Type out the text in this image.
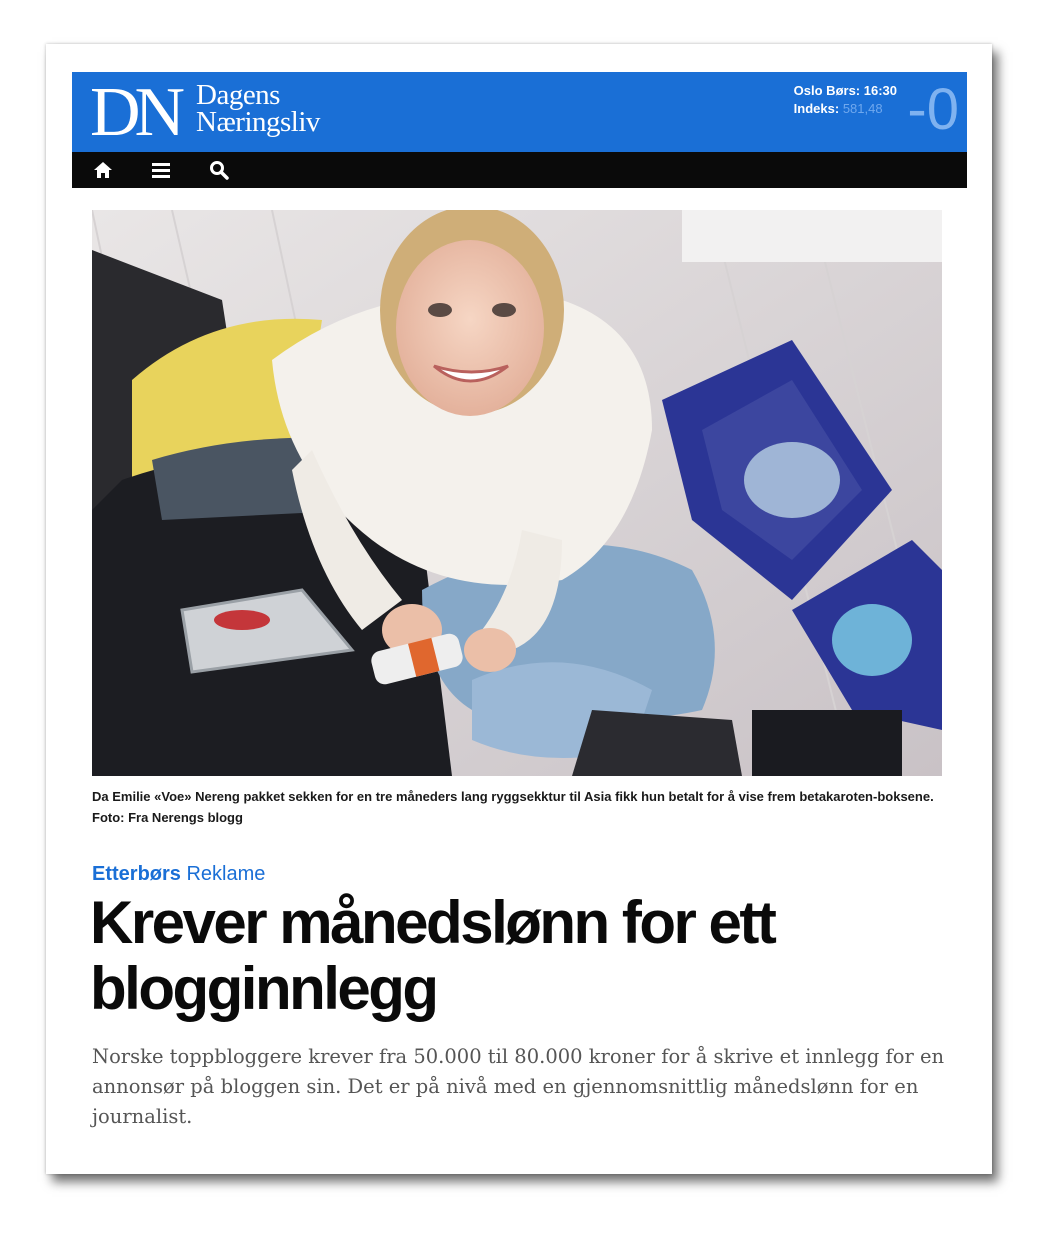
DN Dagens
Næringsliv
Oslo Børs: 16:30
Indeks: 581,48 -0
Da Emilie «Voe» Nereng pakket sekken for en tre måneders lang ryggsekktur til Asia fikk hun betalt for å vise frem betakaroten-boksene. Foto: Fra Nerengs blogg
Etterbørs Reklame
Krever månedslønn for ett blogginnlegg

Norske toppbloggere krever fra 50.000 til 80.000 kroner for å skrive et innlegg for en annonsør på bloggen sin. Det er på nivå med en gjennomsnittlig månedslønn for en journalist.
